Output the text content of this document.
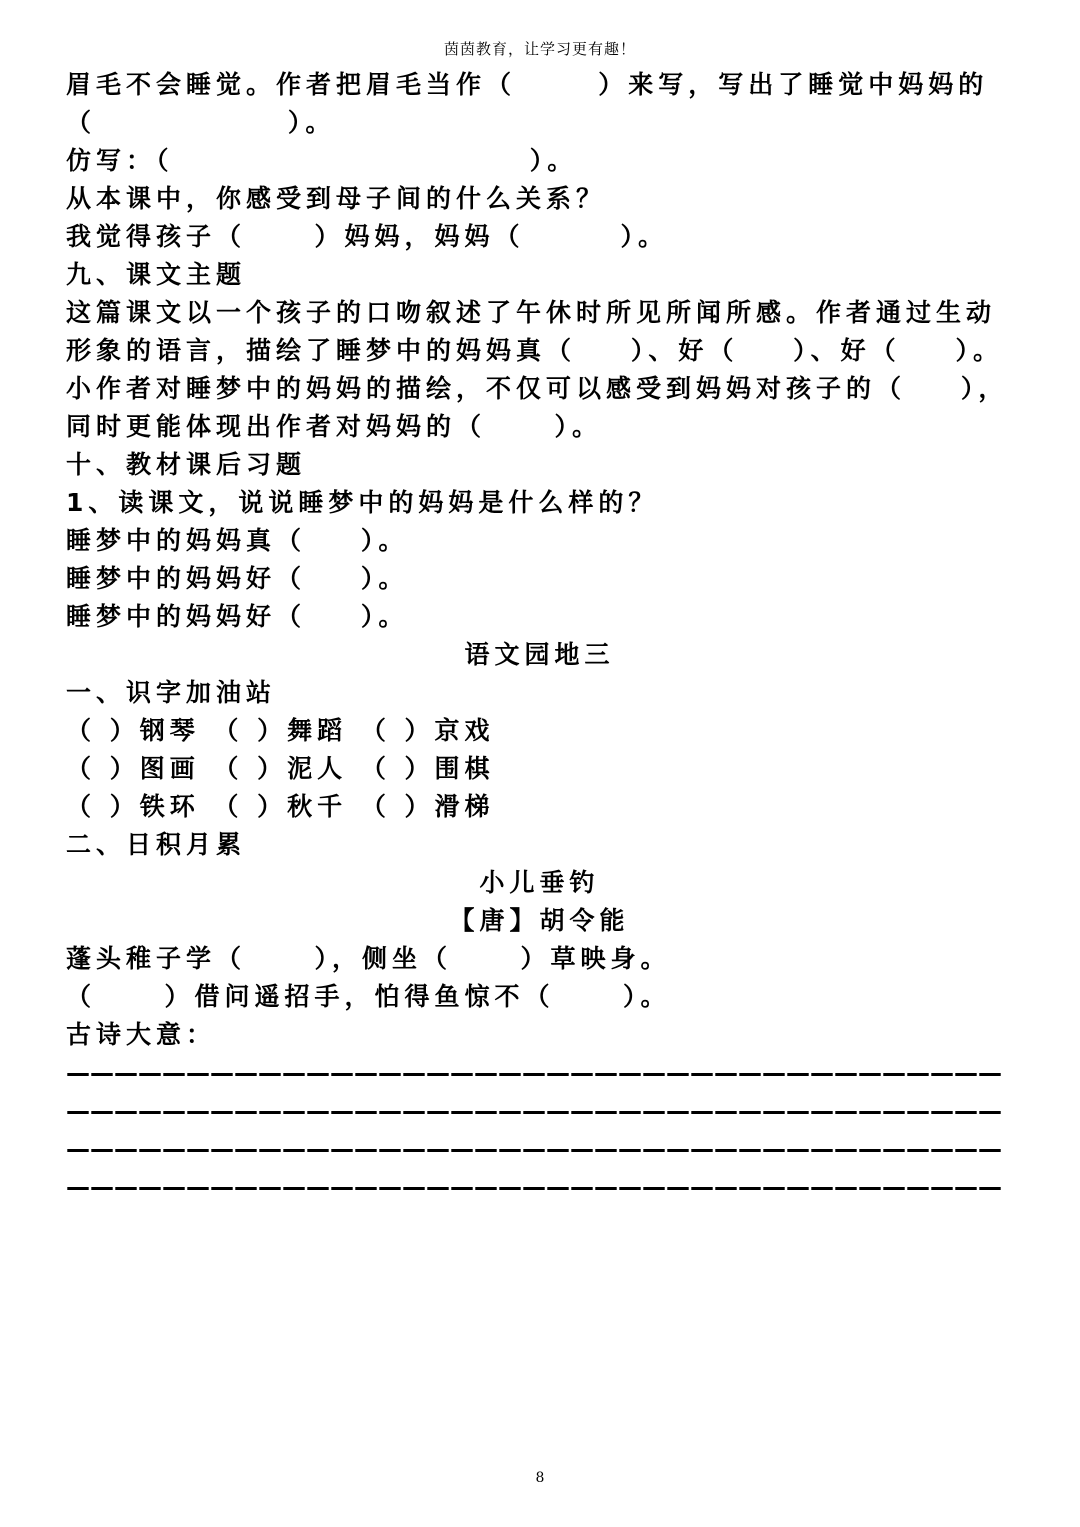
茵茵教育，让学习更有趣！
眉毛不会睡觉。作者把眉毛当作（      ）来写，写出了睡觉中妈妈的
（              ）。
仿写：（                          ）。
从本课中，你感受到母子间的什么关系？
我觉得孩子（     ）妈妈，妈妈（       ）。
九、课文主题
这篇课文以一个孩子的口吻叙述了午休时所见所闻所感。作者通过生动
形象的语言，描绘了睡梦中的妈妈真（    ）、好（    ）、好（    ）。
小作者对睡梦中的妈妈的描绘，不仅可以感受到妈妈对孩子的（    ），
同时更能体现出作者对妈妈的（     ）。
十、教材课后习题
1、读课文，说说睡梦中的妈妈是什么样的？
睡梦中的妈妈真（    ）。
睡梦中的妈妈好（    ）。
睡梦中的妈妈好（    ）。
语文园地三
一、识字加油站
（ ）钢琴 （ ）舞蹈 （ ）京戏
（ ）图画 （ ）泥人 （ ）围棋
（ ）铁环 （ ）秋千 （ ）滑梯
二、日积月累
小儿垂钓
【唐】胡令能
蓬头稚子学（     ），侧坐（     ）草映身。
（     ）借问遥招手，怕得鱼惊不（     ）。
古诗大意：
———————————————————————————————————————
———————————————————————————————————————
———————————————————————————————————————
———————————————————————————————————————
8
